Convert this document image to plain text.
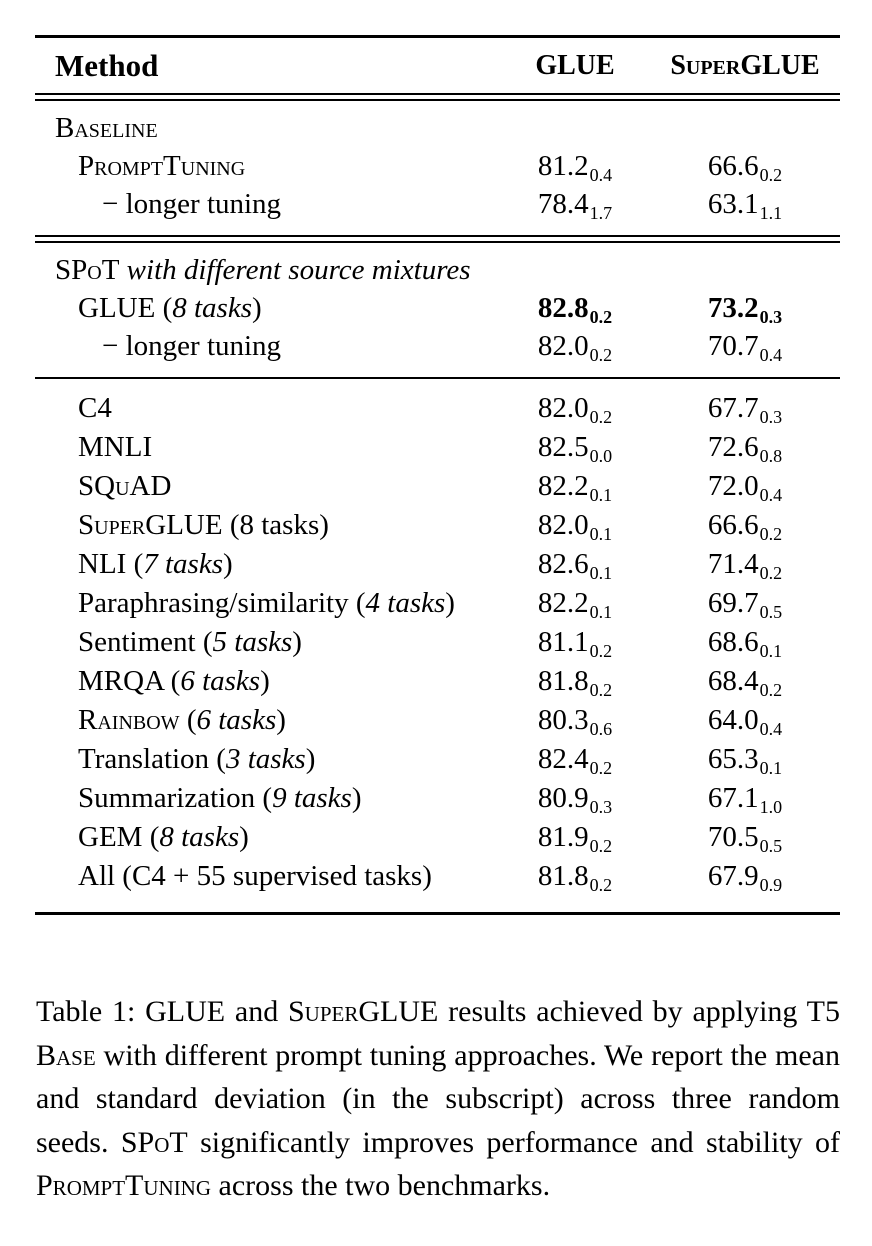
Method	GLUE	SuperGLUE
Baseline
PromptTuning	$81.2_{0.4}$	$66.6_{0.2}$
− longer tuning	$78.4_{1.7}$	$63.1_{1.1}$
SPoT with different source mixtures
GLUE (8 tasks)	$82.8_{0.2}$	$73.2_{0.3}$
− longer tuning	$82.0_{0.2}$	$70.7_{0.4}$
C4	$82.0_{0.2}$	$67.7_{0.3}$
MNLI	$82.5_{0.0}$	$72.6_{0.8}$
SQuAD	$82.2_{0.1}$	$72.0_{0.4}$
SuperGLUE (8 tasks)	$82.0_{0.1}$	$66.6_{0.2}$
NLI (7 tasks)	$82.6_{0.1}$	$71.4_{0.2}$
Paraphrasing/similarity (4 tasks)	$82.2_{0.1}$	$69.7_{0.5}$
Sentiment (5 tasks)	$81.1_{0.2}$	$68.6_{0.1}$
MRQA (6 tasks)	$81.8_{0.2}$	$68.4_{0.2}$
Rainbow (6 tasks)	$80.3_{0.6}$	$64.0_{0.4}$
Translation (3 tasks)	$82.4_{0.2}$	$65.3_{0.1}$
Summarization (9 tasks)	$80.9_{0.3}$	$67.1_{1.0}$
GEM (8 tasks)	$81.9_{0.2}$	$70.5_{0.5}$
All (C4 + 55 supervised tasks)	$81.8_{0.2}$	$67.9_{0.9}$

Table 1: GLUE and SuperGLUE results achieved by applying T5 Base with different prompt tuning approaches. We report the mean and standard deviation (in the subscript) across three random seeds. SPoT significantly improves performance and stability of PromptTuning across the two benchmarks.
